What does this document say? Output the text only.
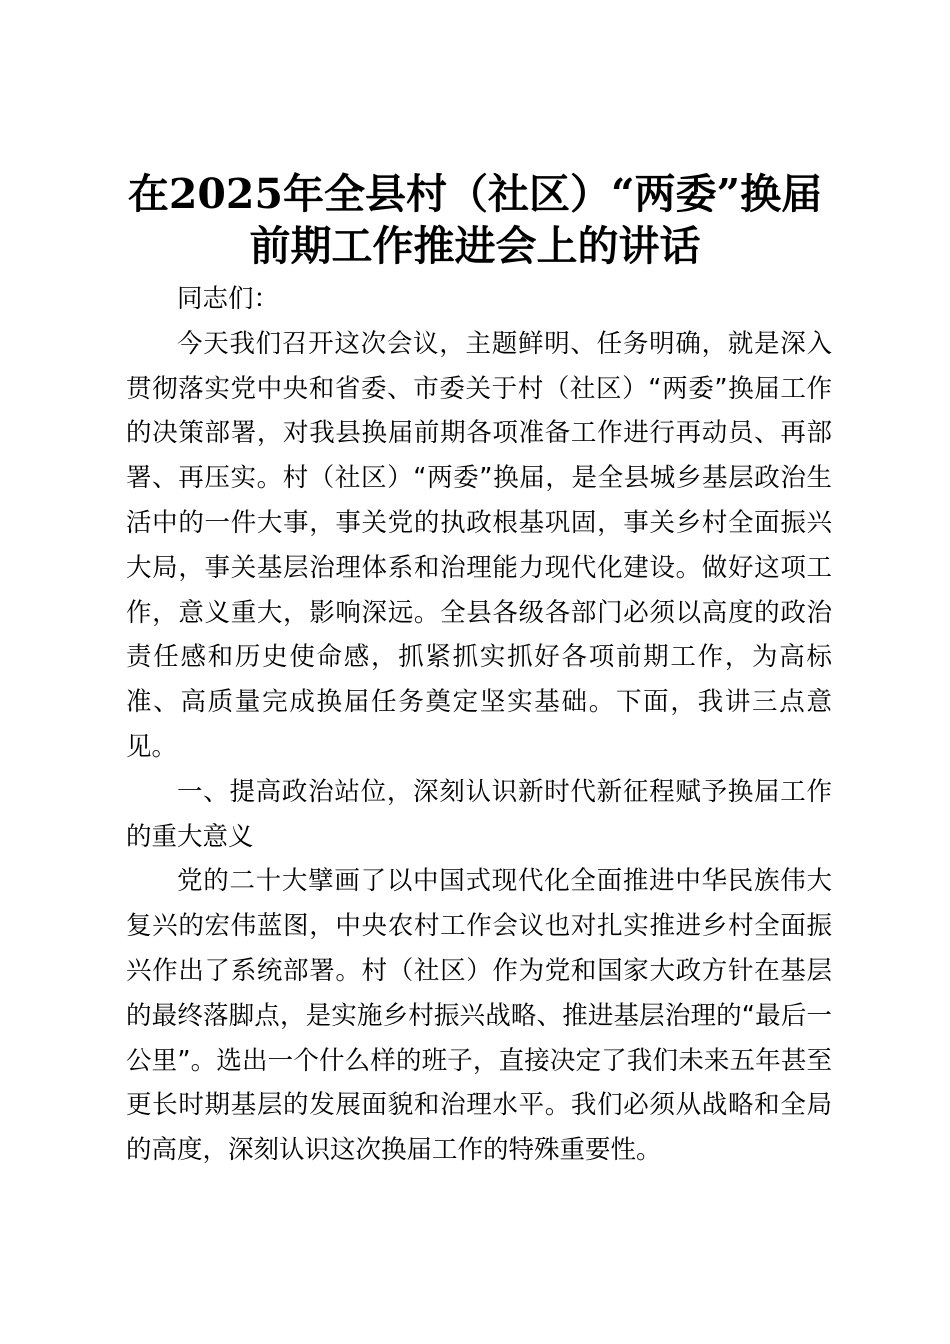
在2025年全县村（社区）“两委”换届前期工作推进会上的讲话

同志们：

今天我们召开这次会议，主题鲜明、任务明确，就是深入贯彻落实党中央和省委、市委关于村（社区）“两委”换届工作的决策部署，对我县换届前期各项准备工作进行再动员、再部署、再压实。村（社区）“两委”换届，是全县城乡基层政治生活中的一件大事，事关党的执政根基巩固，事关乡村全面振兴大局，事关基层治理体系和治理能力现代化建设。做好这项工作，意义重大，影响深远。全县各级各部门必须以高度的政治责任感和历史使命感，抓紧抓实抓好各项前期工作，为高标准、高质量完成换届任务奠定坚实基础。下面，我讲三点意见。

一、提高政治站位，深刻认识新时代新征程赋予换届工作的重大意义

党的二十大擘画了以中国式现代化全面推进中华民族伟大复兴的宏伟蓝图，中央农村工作会议也对扎实推进乡村全面振兴作出了系统部署。村（社区）作为党和国家大政方针在基层的最终落脚点，是实施乡村振兴战略、推进基层治理的“最后一公里”。选出一个什么样的班子，直接决定了我们未来五年甚至更长时期基层的发展面貌和治理水平。我们必须从战略和全局的高度，深刻认识这次换届工作的特殊重要性。
